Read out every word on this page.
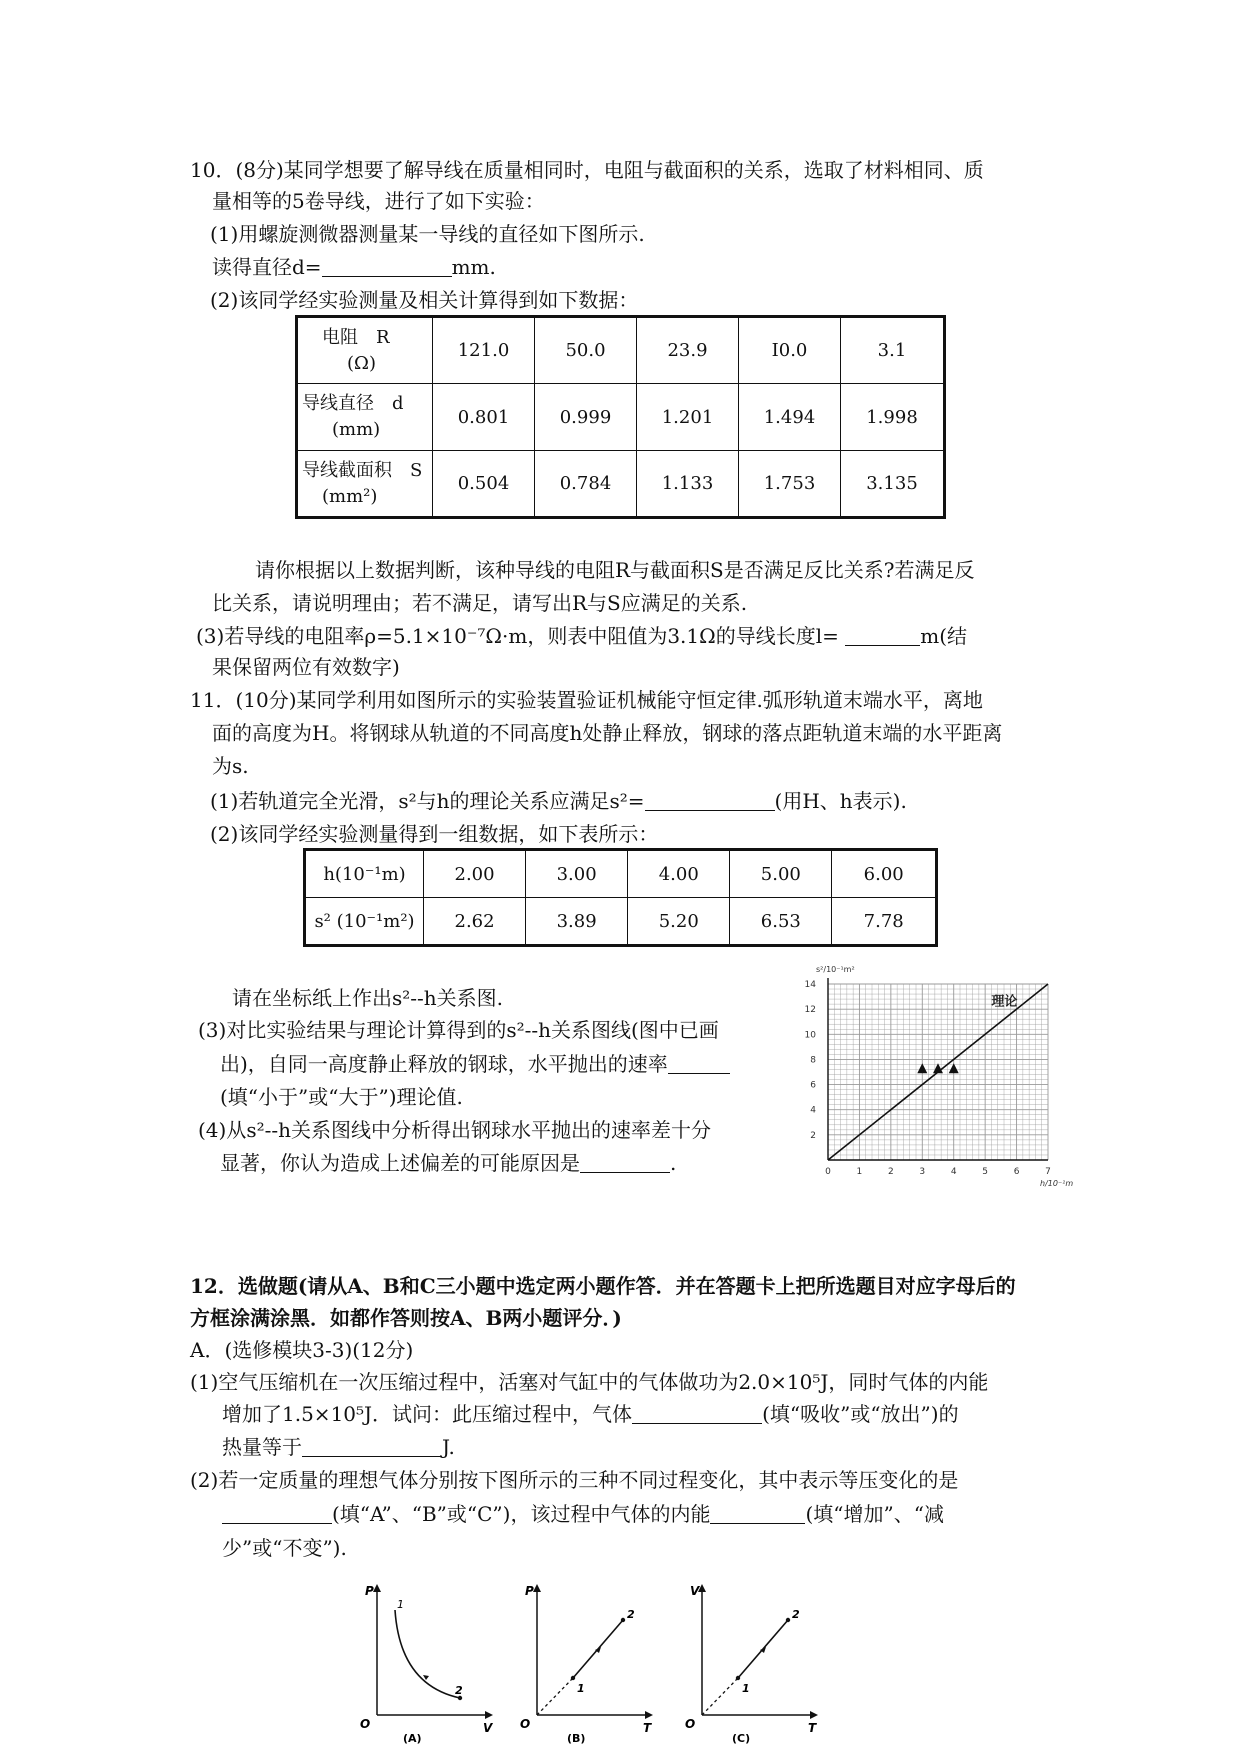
10．(8分)某同学想要了解导线在质量相同时，电阻与截面积的关系，选取了材料相同、质
量相等的5卷导线，进行了如下实验：
(1)用螺旋测微器测量某一导线的直径如下图所示.
读得直径d=	mm.
(2)该同学经实验测量及相关计算得到如下数据：
电阻　R
(Ω)	121.0	50.0	23.9	I0.0	3.1

导线直径　d
(mm)	0.801	0.999	1.201	1.494	1.998

导线截面积　S
(mm²)	0.504	0.784	1.133	1.753	3.135
请你根据以上数据判断，该种导线的电阻R与截面积S是否满足反比关系?若满足反
比关系，请说明理由；若不满足，请写出R与S应满足的关系.
(3)若导线的电阻率ρ=5.1×10⁻⁷Ω·m，则表中阻值为3.1Ω的导线长度l=	m(结
果保留两位有效数字)
11．(10分)某同学利用如图所示的实验装置验证机械能守恒定律.弧形轨道末端水平，离地
面的高度为H。将钢球从轨道的不同高度h处静止释放，钢球的落点距轨道末端的水平距离
为s.
(1)若轨道完全光滑，s²与h的理论关系应满足s²=	(用H、h表示).
(2)该同学经实验测量得到一组数据，如下表所示：
h(10⁻¹m)	2.00	3.00	4.00	5.00	6.00
s² (10⁻¹m²)	2.62	3.89	5.20	6.53	7.78
请在坐标纸上作出s²--h关系图.
(3)对比实验结果与理论计算得到的s²--h关系图线(图中已画
出)，自同一高度静止释放的钢球，水平抛出的速率
(填“小于”或“大于”)理论值.
(4)从s²--h关系图线中分析得出钢球水平抛出的速率差十分
显著，你认为造成上述偏差的可能原因是	.	0	1	2	3	4	5	6	7
2
4
6
8
10
12
14
s²/10⁻¹m²
h/10⁻¹m
理论
12．选做题(请从A、B和C三小题中选定两小题作答．并在答题卡上把所选题目对应字母后的
方框涂满涂黑．如都作答则按A、B两小题评分．)
A．(选修模块3-3)(12分)
(1)空气压缩机在一次压缩过程中，活塞对气缸中的气体做功为2.0×10⁵J，同时气体的内能
增加了1.5×10⁵J．试问：此压缩过程中，气体	(填“吸收”或“放出”)的
热量等于	J.
(2)若一定质量的理想气体分别按下图所示的三种不同过程变化，其中表示等压变化的是
(填“A”、“B”或“C”)，该过程中气体的内能	(填“增加”、“减
少”或“不变”).
P
V
O
1
2
(A)
P
T
O
1
2
(B)
V
T
O
1
2
(C)
